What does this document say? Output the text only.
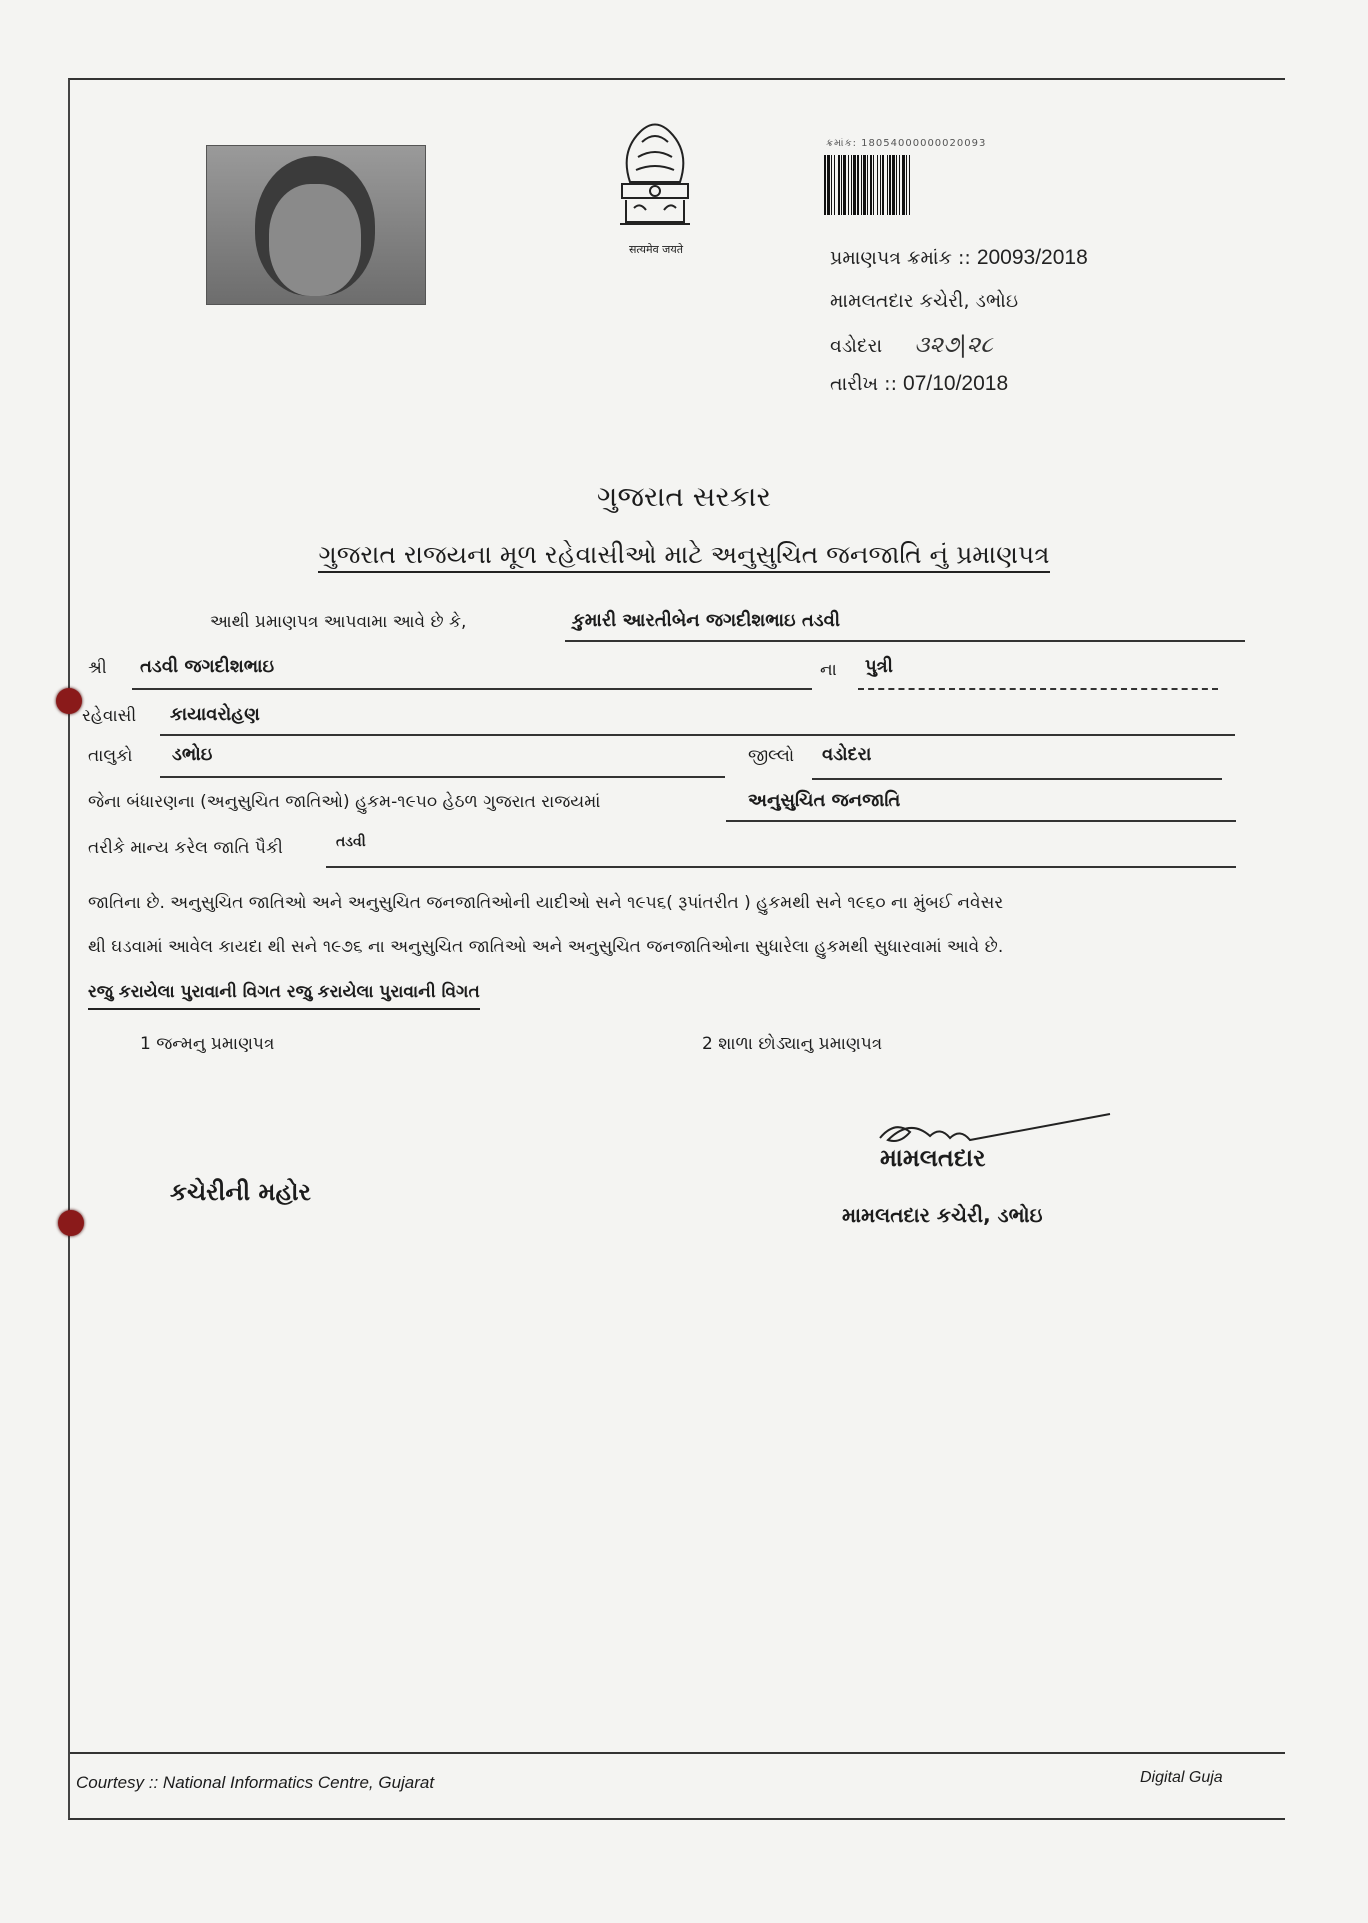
सत्यमेव जयते
ક્રમાંક: 18054000000020093
પ્રમાણપત્ર ક્રમાંક :: 20093/2018
મામલતદાર કચેરી, ડભોઇ
વડોદરા ૩૨૭|૨૮
તારીખ :: 07/10/2018
ગુજરાત સરકાર
ગુજરાત રાજયના મૂળ રહેવાસીઓ માટે અનુસુચિત જનજાતિ નું પ્રમાણપત્ર
આથી પ્રમાણપત્ર આપવામા આવે છે કે,	કુમારી આરતીબેન જગદીશભાઇ તડવી
શ્રી તડવી જગદીશભાઇ	ના પુત્રી
રહેવાસી કાયાવરોહણ
તાલુકો ડભોઇ	જીલ્લો વડોદરા
જેના બંધારણના (અનુસુચિત જાતિઓ) હુકમ-૧૯૫૦ હેઠળ ગુજરાત રાજયમાં	અનુસુચિત જનજાતિ
તરીકે માન્ય કરેલ જાતિ પૈકી	તડવી
જાતિના છે. અનુસુચિત જાતિઓ અને અનુસુચિત જનજાતિઓની યાદીઓ સને ૧૯૫૬( રૂપાંતરીત ) હુકમથી સને ૧૯૬૦ ના મુંબઈ નવેસર
થી ઘડવામાં આવેલ કાયદા થી સને ૧૯૭૬ ના અનુસુચિત જાતિઓ અને અનુસુચિત જનજાતિઓના સુધારેલા હુકમથી સુધારવામાં આવે છે.
રજુ કરાયેલા પુરાવાની વિગત રજુ કરાયેલા પુરાવાની વિગત
1 જન્મનુ પ્રમાણપત્ર	2 શાળા છોડ્યાનુ પ્રમાણપત્ર
મામલતદાર
કચેરીની મહોર
મામલતદાર કચેરી, ડભોઇ
Courtesy :: National Informatics Centre, Gujarat	Digital Guja
